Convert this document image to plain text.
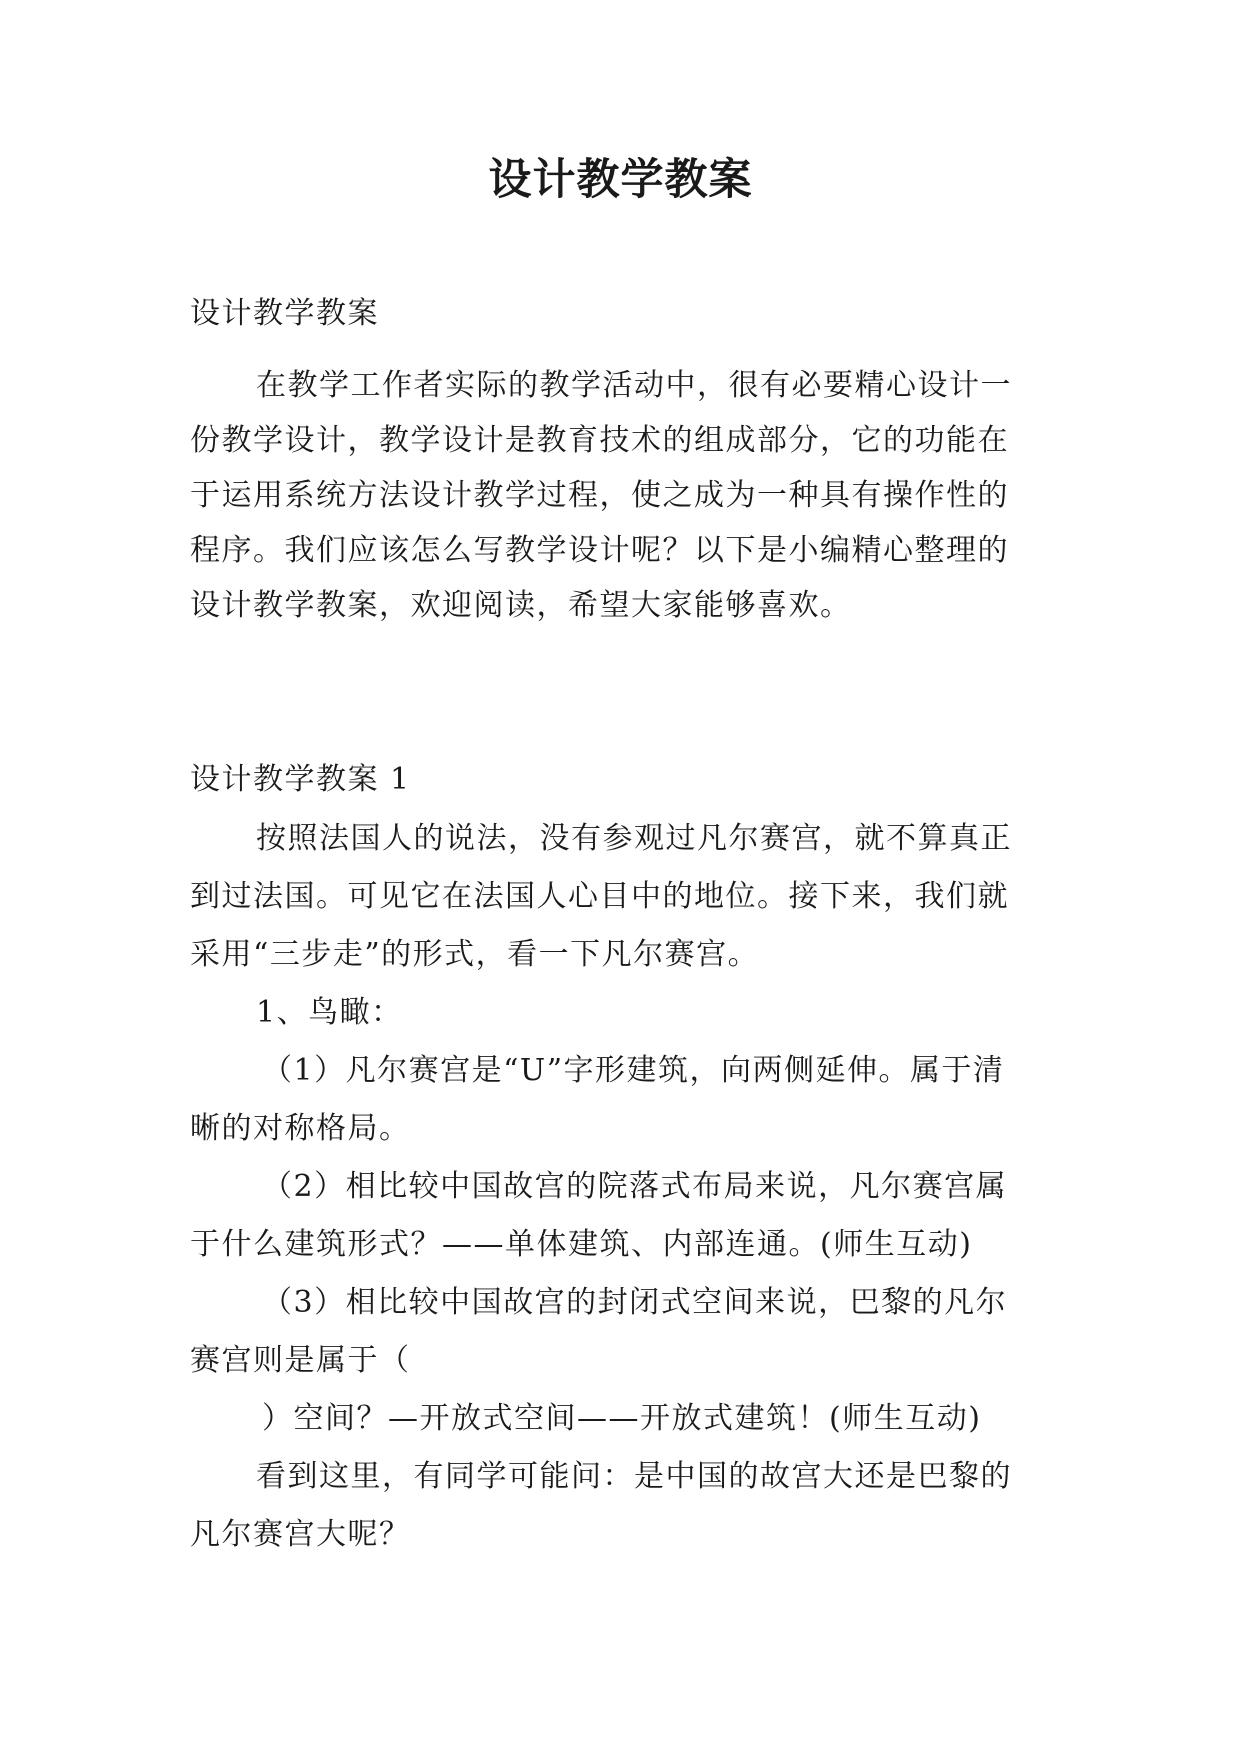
设计教学教案
设计教学教案
在教学工作者实际的教学活动中，很有必要精心设计一
份教学设计，教学设计是教育技术的组成部分，它的功能在
于运用系统方法设计教学过程，使之成为一种具有操作性的
程序。我们应该怎么写教学设计呢？以下是小编精心整理的
设计教学教案，欢迎阅读，希望大家能够喜欢。
设计教学教案 1
按照法国人的说法，没有参观过凡尔赛宫，就不算真正
到过法国。可见它在法国人心目中的地位。接下来，我们就
采用“三步走”的形式，看一下凡尔赛宫。
1、鸟瞰：
（1）凡尔赛宫是“U”字形建筑，向两侧延伸。属于清
晰的对称格局。
（2）相比较中国故宫的院落式布局来说，凡尔赛宫属
于什么建筑形式？——单体建筑、内部连通。(师生互动)
（3）相比较中国故宫的封闭式空间来说，巴黎的凡尔
赛宫则是属于（
）空间？—开放式空间——开放式建筑！(师生互动)
看到这里，有同学可能问：是中国的故宫大还是巴黎的
凡尔赛宫大呢？
